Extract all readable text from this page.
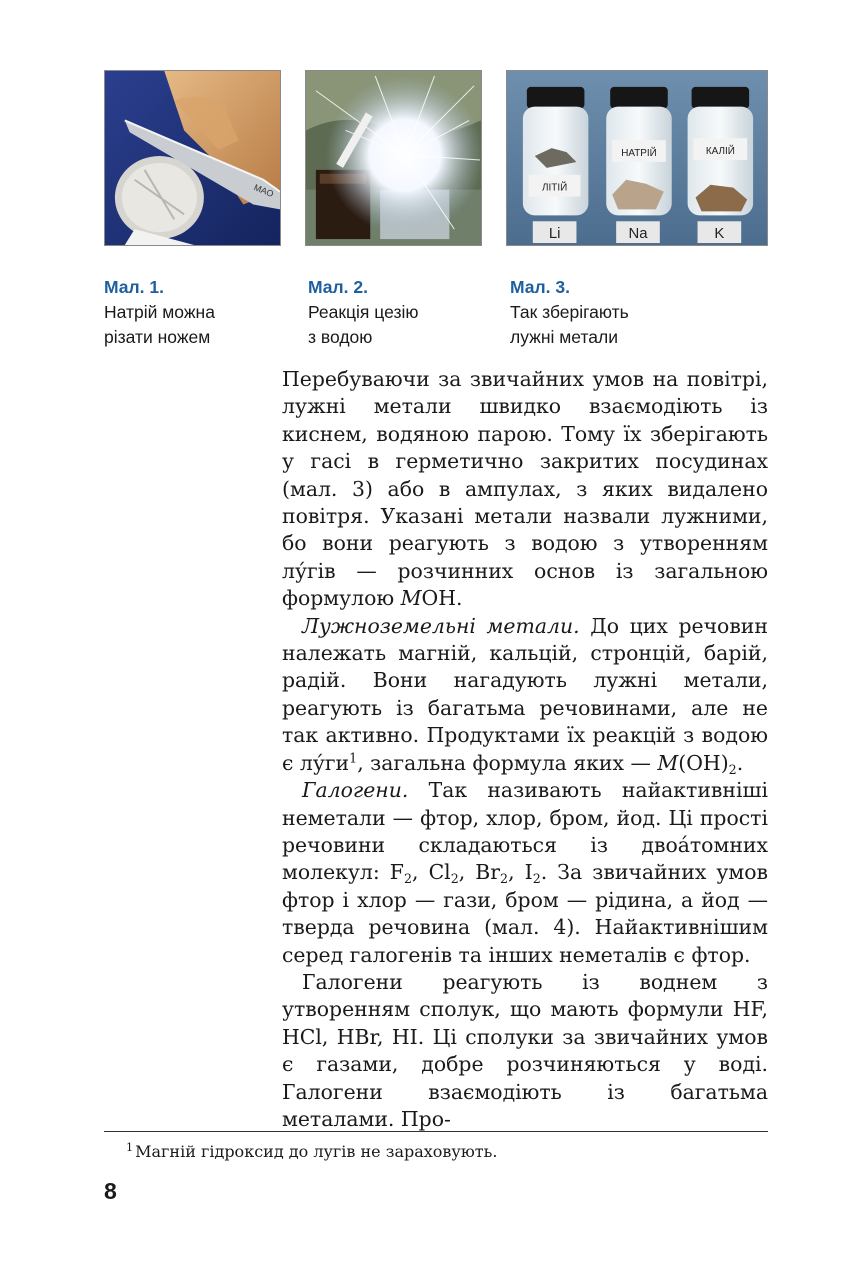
MAO	ЛІТІЙ
НАТРІЙ	КАЛІЙ
Li	Na	K
Мал. 1.
Натрій можна
різати ножем
Мал. 2.
Реакція цезію
з водою
Мал. 3.
Так зберігають
лужні метали

Перебуваючи за звичайних умов на повітрі, лужні метали швидко взаємодіють із киснем, водяною парою. Тому їх зберігають у гасі в герметично закритих посудинах (мал. 3) або в ампулах, з яких видалено повітря. Указані метали назвали лужними, бо вони реагують з водою з утворенням лу́гів — розчинних основ із загальною формулою MOH.

Лужноземельні метали. До цих речовин належать магній, кальцій, стронцій, барій, радій. Вони нагадують лужні метали, реагують із багатьма речовинами, але не так активно. Продуктами їх реакцій з водою є $лу́ги^1$, загальна формула яких — $M(OH)_2$.

Галогени. Так називають найактивніші неметали — фтор, хлор, бром, йод. Ці прості речовини складаються із двоáтомних молекул: $F_2$, $Cl_2$, $Br_2$, $I_2$. За звичайних умов фтор і хлор — гази, бром — рідина, а йод — тверда речовина (мал. 4). Найактивнішим серед галогенів та інших неметалів є фтор.

Галогени реагують із воднем з утворенням сполук, що мають формули HF, HCl, HBr, HI. Ці сполуки за звичайних умов є газами, добре розчиняються у воді. Галогени взаємодіють із багатьма металами. Про-

$^1$ Магній гідроксид до лугів не зараховують.
8
